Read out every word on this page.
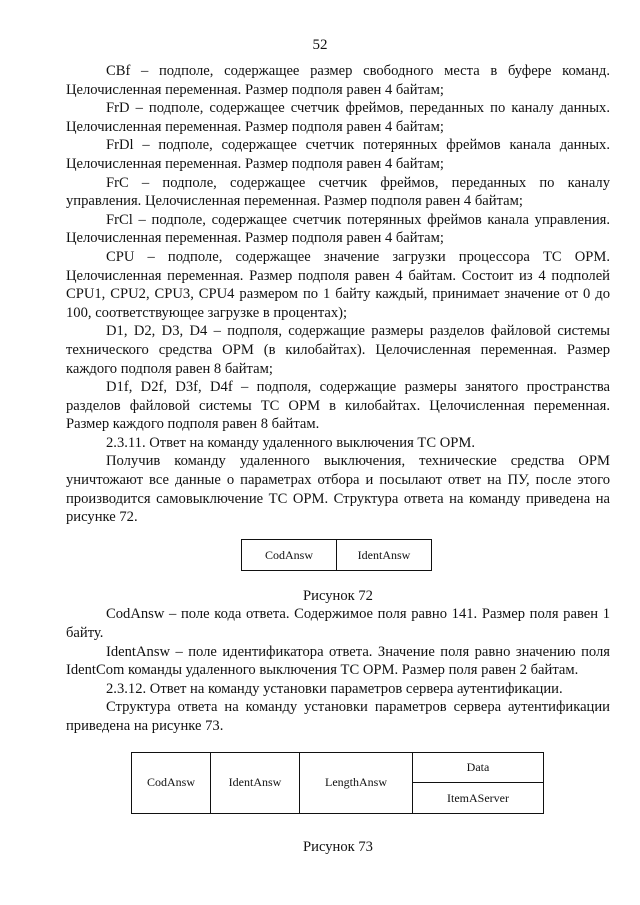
52

CBf – подполе, содержащее размер свободного места в буфере команд. Целочисленная переменная. Размер подполя равен 4 байтам;

FrD – подполе, содержащее счетчик фреймов, переданных по каналу данных. Целочисленная переменная. Размер подполя равен 4 байтам;

FrDl – подполе, содержащее счетчик потерянных фреймов канала данных. Целочисленная переменная. Размер подполя равен 4 байтам;

FrC – подполе, содержащее счетчик фреймов, переданных по каналу управления. Целочисленная переменная. Размер подполя равен 4 байтам;

FrCl – подполе, содержащее счетчик потерянных фреймов канала управления. Целочисленная переменная. Размер подполя равен 4 байтам;

CPU – подполе, содержащее значение загрузки процессора ТС ОРМ. Целочисленная переменная. Размер подполя равен 4 байтам. Состоит из 4 подполей CPU1, CPU2, CPU3, CPU4 размером по 1 байту каждый, принимает значение от 0 до 100, соответствующее загрузке в процентах);

D1, D2, D3, D4 – подполя, содержащие размеры разделов файловой системы технического средства ОРМ (в килобайтах). Целочисленная переменная. Размер каждого подполя равен 8 байтам;

D1f, D2f, D3f, D4f – подполя, содержащие размеры занятого пространства разделов файловой системы ТС ОРМ в килобайтах. Целочисленная переменная. Размер каждого подполя равен 8 байтам.

2.3.11. Ответ на команду удаленного выключения ТС ОРМ.

Получив команду удаленного выключения, технические средства ОРМ уничтожают все данные о параметрах отбора и посылают ответ на ПУ, после этого производится самовыключение ТС ОРМ. Структура ответа на команду приведена на рисунке 72.

CodAnsw	IdentAnsw

Рисунок 72

CodAnsw – поле кода ответа. Содержимое поля равно 141. Размер поля равен 1 байту.

IdentAnsw – поле идентификатора ответа. Значение поля равно значению поля IdentCom команды удаленного выключения ТС ОРМ. Размер поля равен 2 байтам.

2.3.12. Ответ на команду установки параметров сервера аутентификации.

Структура ответа на команду установки параметров сервера аутентификации приведена на рисунке 73.

CodAnsw	IdentAnsw	LengthAnsw	Data
ItemAServer

Рисунок 73
